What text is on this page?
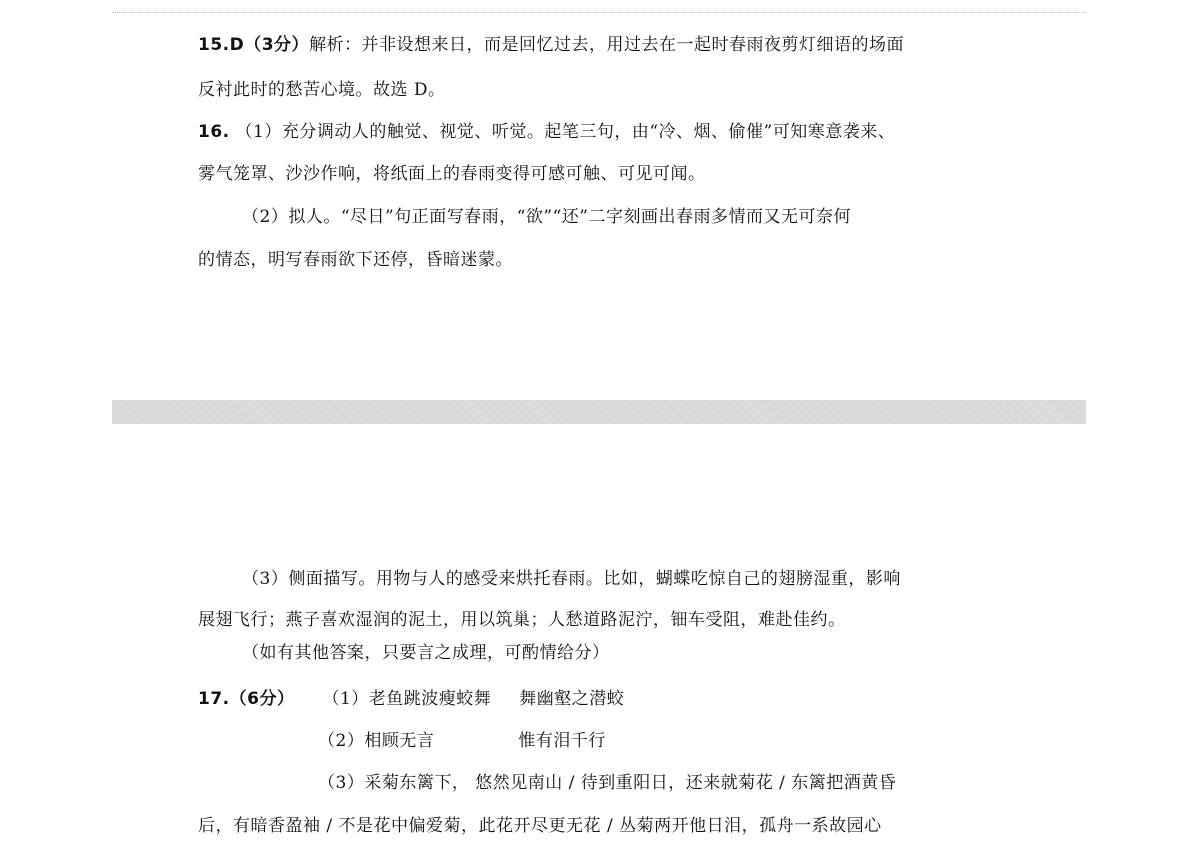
15.D（3分）解析：并非设想来日，而是回忆过去，用过去在一起时春雨夜剪灯细语的场面
反衬此时的愁苦心境。故选 D。
16. （1）充分调动人的触觉、视觉、听觉。起笔三句，由“冷、烟、偷催”可知寒意袭来、
雾气笼罩、沙沙作响，将纸面上的春雨变得可感可触、可见可闻。
（2）拟人。“尽日”句正面写春雨，“欲”“还”二字刻画出春雨多情而又无可奈何
的情态，明写春雨欲下还停，昏暗迷蒙。
（3）侧面描写。用物与人的感受来烘托春雨。比如，蝴蝶吃惊自己的翅膀湿重，影响
展翅飞行；燕子喜欢湿润的泥土，用以筑巢；人愁道路泥泞，钿车受阻，难赴佳约。
（如有其他答案，只要言之成理，可酌情给分）
17.（6分） （1）老鱼跳波瘦蛟舞 舞幽壑之潜蛟
（2）相顾无言	惟有泪千行
（3）采菊东篱下， 悠然见南山 / 待到重阳日，还来就菊花 / 东篱把酒黄昏
后，有暗香盈袖 / 不是花中偏爱菊，此花开尽更无花 / 丛菊两开他日泪，孤舟一系故园心
